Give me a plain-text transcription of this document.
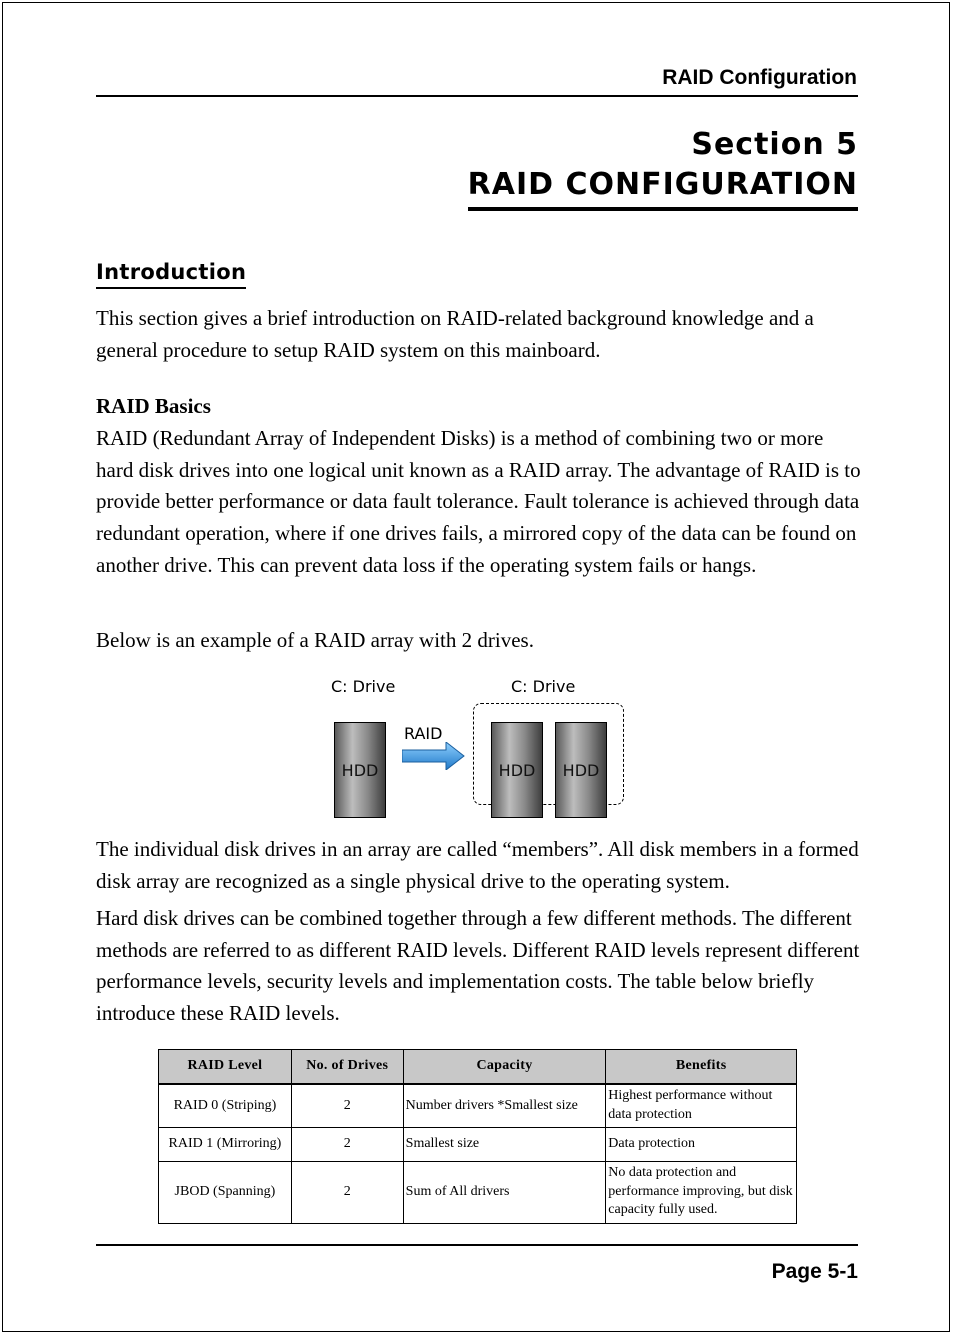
RAID Configuration
Section 5
RAID CONFIGURATION
Introduction
This section gives a brief introduction on RAID-related background knowledge and a general procedure to setup RAID system on this mainboard.
RAID Basics
RAID (Redundant Array of Independent Disks) is a method of combining two or more hard disk drives into one logical unit known as a RAID array. The advantage of RAID is to provide better performance or data fault tolerance. Fault tolerance is achieved through data redundant operation, where if one drives fails, a mirrored copy of the data can be found on another drive. This can prevent data loss if the operating system fails or hangs.
Below is an example of a RAID array with 2 drives.
C: Drive	C: Drive
HDD
RAID
HDD	HDD
The individual disk drives in an array are called “members”. All disk members in a formed disk array are recognized as a single physical drive to the operating system.
Hard disk drives can be combined together through a few different methods. The different methods are referred to as different RAID levels. Different RAID levels represent different performance levels, security levels and implementation costs. The table below briefly introduce these RAID levels.
RAID Level	No. of Drives	Capacity	Benefits
RAID 0 (Striping)	2	Number drivers *Smallest size	Highest performance without data protection
RAID 1 (Mirroring)	2	Smallest size	Data protection
JBOD (Spanning)	2	Sum of All drivers	No data protection and performance improving, but disk capacity fully used.
Page 5-1
